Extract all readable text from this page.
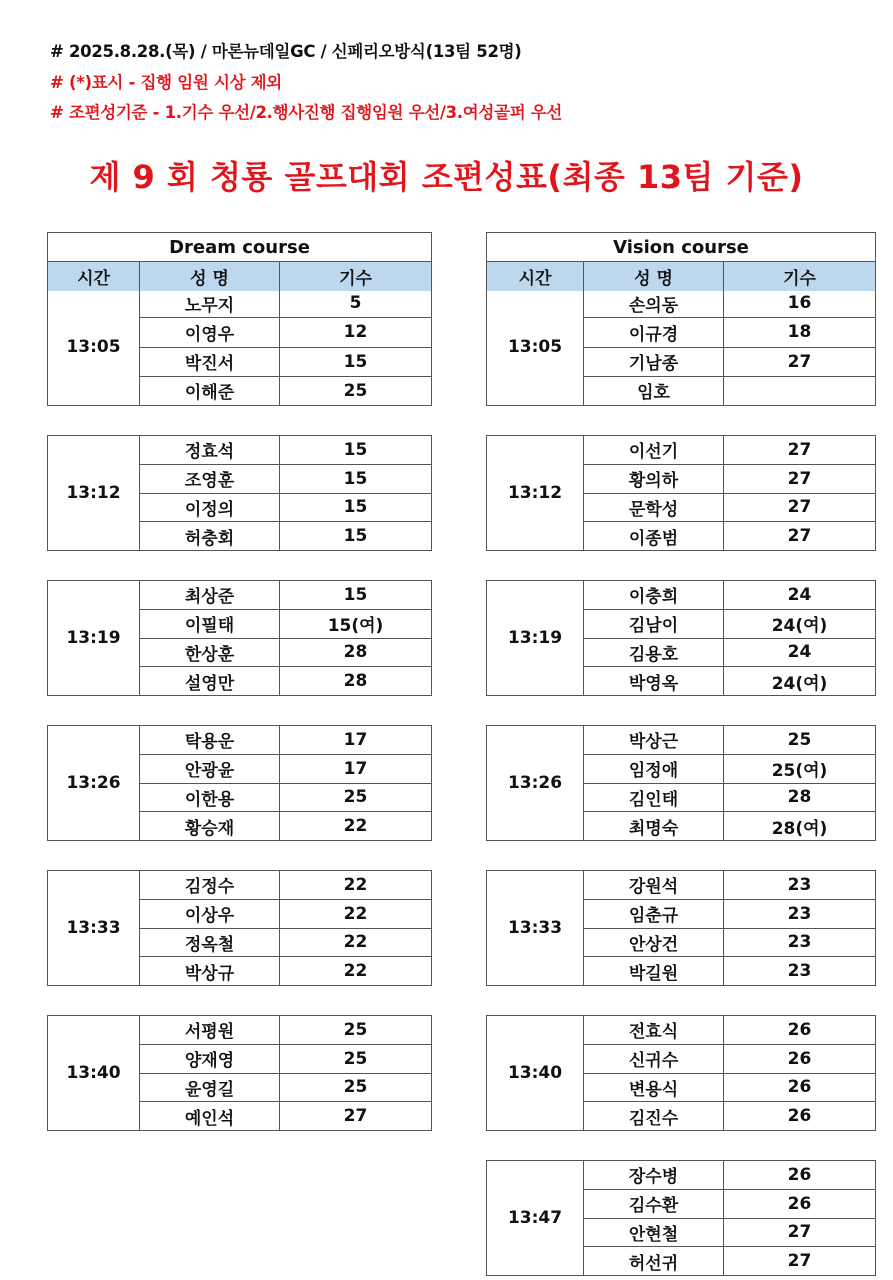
# 2025.8.28.(목) / 마론뉴데일GC / 신페리오방식(13팀 52명)
# (*)표시 - 집행 임원 시상 제외
# 조편성기준 - 1.기수 우선/2.행사진행 집행임원 우선/3.여성골퍼 우선
제 9 회 청룡 골프대회 조편성표(최종 13팀 기준)
Dream course
시간	성 명	기수
13:05
노무지	5
이영우	12
박진서	15
이해준	25
13:12
정효석	15
조영훈	15
이정의	15
허충회	15
13:19
최상준	15
이필태	15(여)
한상훈	28
설영만	28
13:26
탁용운	17
안광윤	17
이한용	25
황승재	22
13:33
김정수	22
이상우	22
정옥철	22
박상규	22
13:40
서평원	25
양재영	25
윤영길	25
예인석	27
Vision course
시간	성 명	기수
13:05
손의동	16
이규경	18
기남종	27
임호
13:12
이선기	27
황의하	27
문학성	27
이종범	27
13:19
이충희	24
김남이	24(여)
김용호	24
박영옥	24(여)
13:26
박상근	25
임정애	25(여)
김인태	28
최명숙	28(여)
13:33
강원석	23
임춘규	23
안상건	23
박길원	23
13:40
전효식	26
신귀수	26
변용식	26
김진수	26
13:47
장수병	26
김수환	26
안현철	27
허선귀	27
